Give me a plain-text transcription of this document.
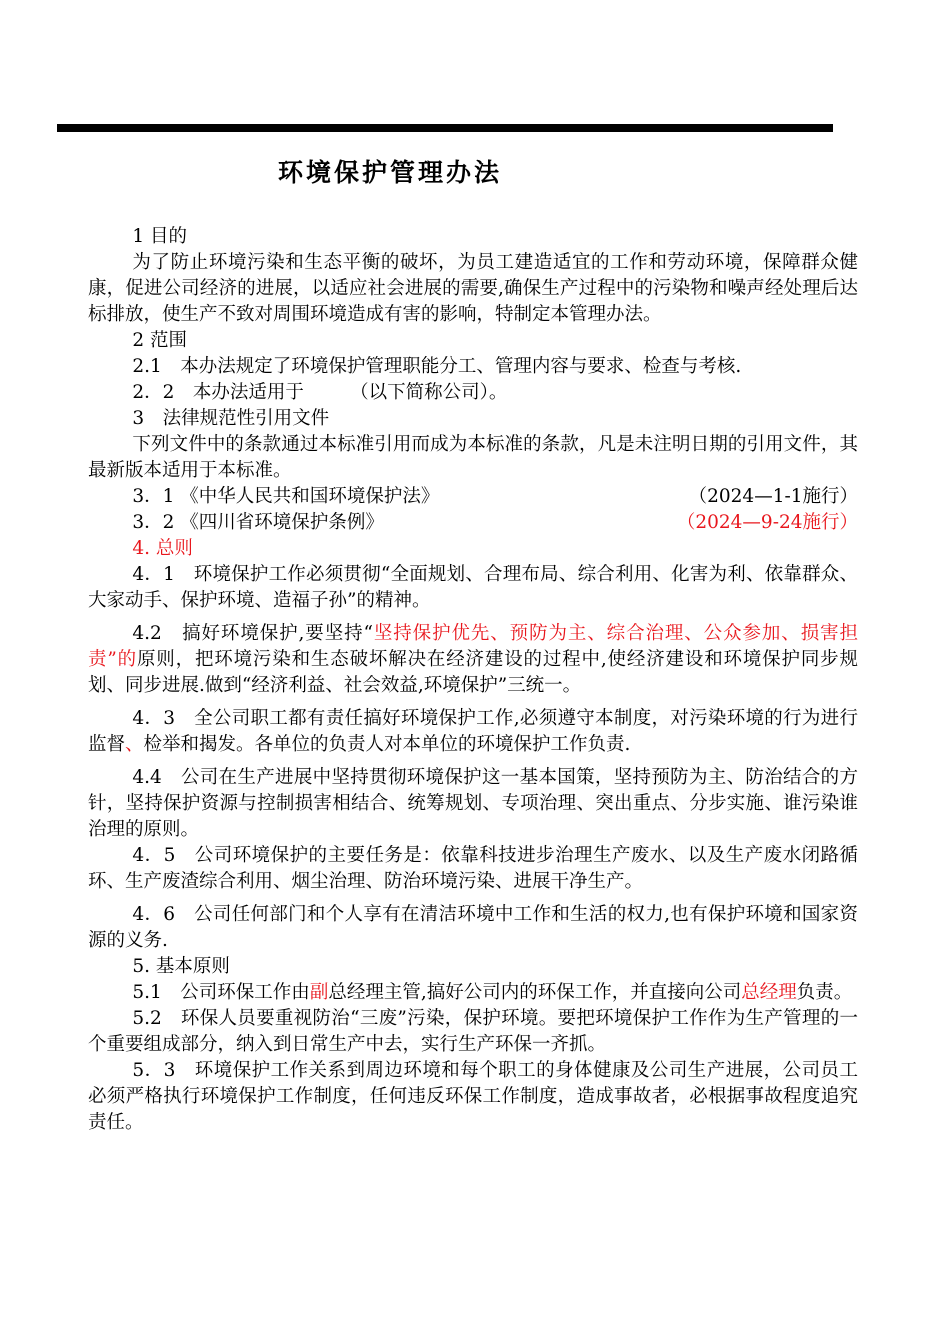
环境保护管理办法

1 目的

为了防止环境污染和生态平衡的破坏，为员工建造适宜的工作和劳动环境，保障群众健康，促进公司经济的进展，以适应社会进展的需要,确保生产过程中的污染物和噪声经处理后达标排放，使生产不致对周围环境造成有害的影响，特制定本管理办法。

2 范围

2.1　本办法规定了环境保护管理职能分工、管理内容与要求、检查与考核.

2．2　本办法适用于　　　（以下简称公司）。

3　法律规范性引用文件

下列文件中的条款通过本标准引用而成为本标准的条款，凡是未注明日期的引用文件，其最新版本适用于本标准。

3．1 《中华人民共和国环境保护法》	（2024—1-1施行）
3．2 《四川省环境保护条例》	（2024—9-24施行）

4. 总则

4．1　环境保护工作必须贯彻“全面规划、合理布局、综合利用、化害为利、依靠群众、大家动手、保护环境、造福子孙”的精神。

4.2　搞好环境保护,要坚持“坚持保护优先、预防为主、综合治理、公众参加、损害担责”的原则，把环境污染和生态破坏解决在经济建设的过程中,使经济建设和环境保护同步规划、同步进展.做到“经济利益、社会效益,环境保护”三统一。

4．3　全公司职工都有责任搞好环境保护工作,必须遵守本制度，对污染环境的行为进行监督、检举和揭发。各单位的负责人对本单位的环境保护工作负责.

4.4　公司在生产进展中坚持贯彻环境保护这一基本国策，坚持预防为主、防治结合的方针，坚持保护资源与控制损害相结合、统筹规划、专项治理、突出重点、分步实施、谁污染谁治理的原则。

4．5　公司环境保护的主要任务是：依靠科技进步治理生产废水、以及生产废水闭路循环、生产废渣综合利用、烟尘治理、防治环境污染、进展干净生产。

4．6　公司任何部门和个人享有在清洁环境中工作和生活的权力,也有保护环境和国家资源的义务.

5. 基本原则

5.1　公司环保工作由副总经理主管,搞好公司内的环保工作，并直接向公司总经理负责。

5.2　环保人员要重视防治“三废”污染，保护环境。要把环境保护工作作为生产管理的一个重要组成部分，纳入到日常生产中去，实行生产环保一齐抓。

5．3　环境保护工作关系到周边环境和每个职工的身体健康及公司生产进展，公司员工必须严格执行环境保护工作制度，任何违反环保工作制度，造成事故者，必根据事故程度追究责任。
